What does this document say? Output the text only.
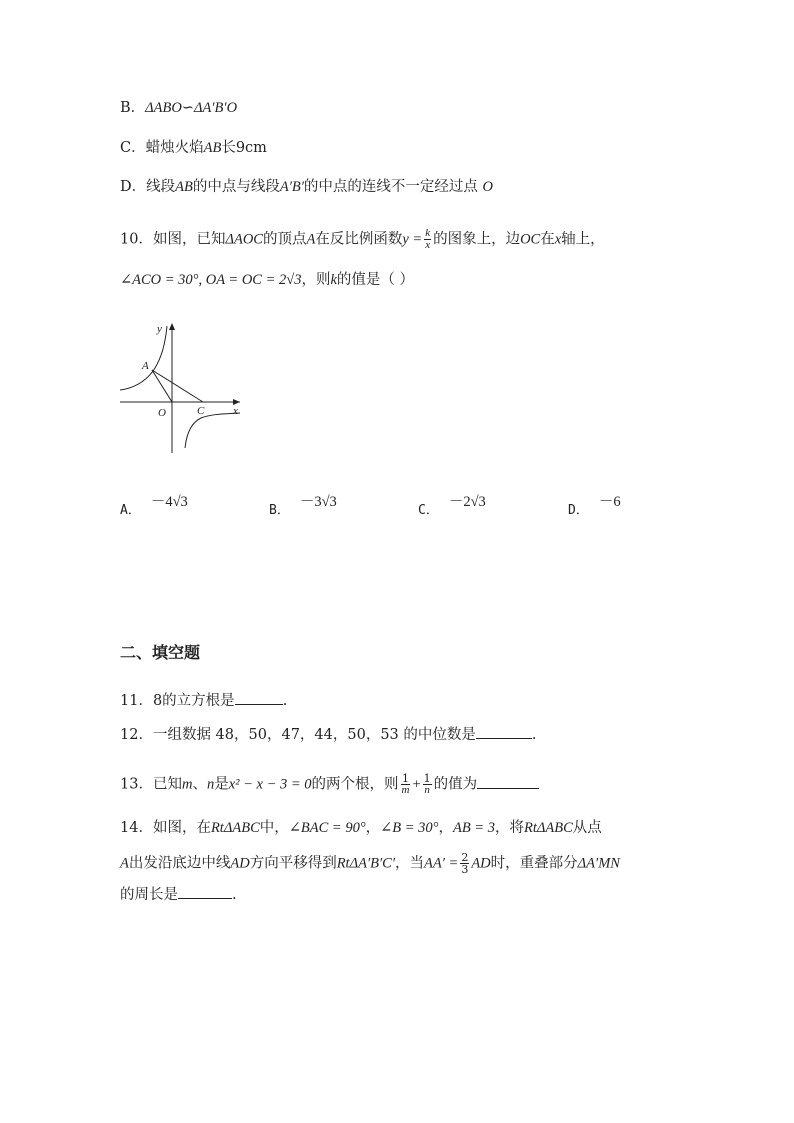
B．ΔABO∽ΔA′B′O
C．蜡烛火焰AB长9cm
D．线段AB的中点与线段A′B′的中点的连线不一定经过点 O
10．如图，已知ΔAOC的顶点A在反比例函数$y = \frac{k}{x}$ 的图象上，边OC在x轴上，
∠ACO = 30°, OA = OC = 2√3，则k的值是（ ）
y
x
A
O	C
A．－4√3
B．－3√3
C．－2√3
D．－6
二、填空题
11．8的立方根是	.
12．一组数据 48，50，47，44，50，53 的中位数是	.
13．已知m、n是x² − x − 3 = 0的两个根，则 $\frac{1}{m} + \frac{1}{n}$ 的值为
14．如图，在RtΔABC中，∠BAC = 90°，∠B = 30°，AB = 3，将RtΔABC从点
A出发沿底边中线AD方向平移得到RtΔA′B′C′，当$AA' = \frac{2}{3}$ AD时，重叠部分ΔA′MN
的周长是	.
